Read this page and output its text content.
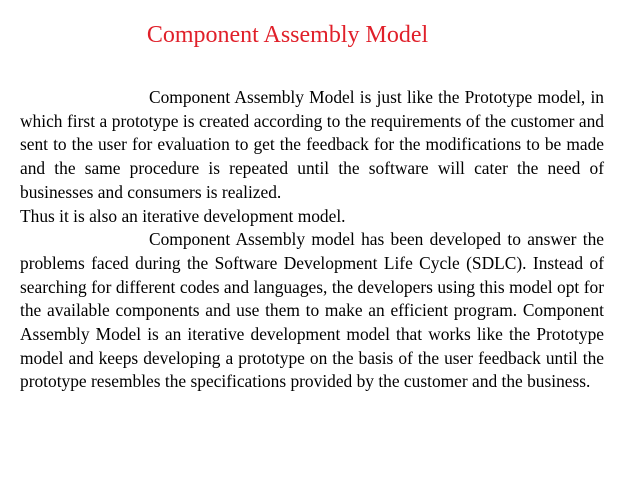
Component Assembly Model

Component Assembly Model is just like the Prototype model, in which first a prototype is created according to the requirements of the customer and sent to the user for evaluation to get the feedback for the modifications to be made and the same procedure is repeated until the software will cater the need of businesses and consumers is realized.

Thus it is also an iterative development model.

Component Assembly model has been developed to answer the problems faced during the Software Development Life Cycle (SDLC). Instead of searching for different codes and languages, the developers using this model opt for the available components and use them to make an efficient program. Component Assembly Model is an iterative development model that works like the Prototype model and keeps developing a prototype on the basis of the user feedback until the prototype resembles the specifications provided by the customer and the business.
